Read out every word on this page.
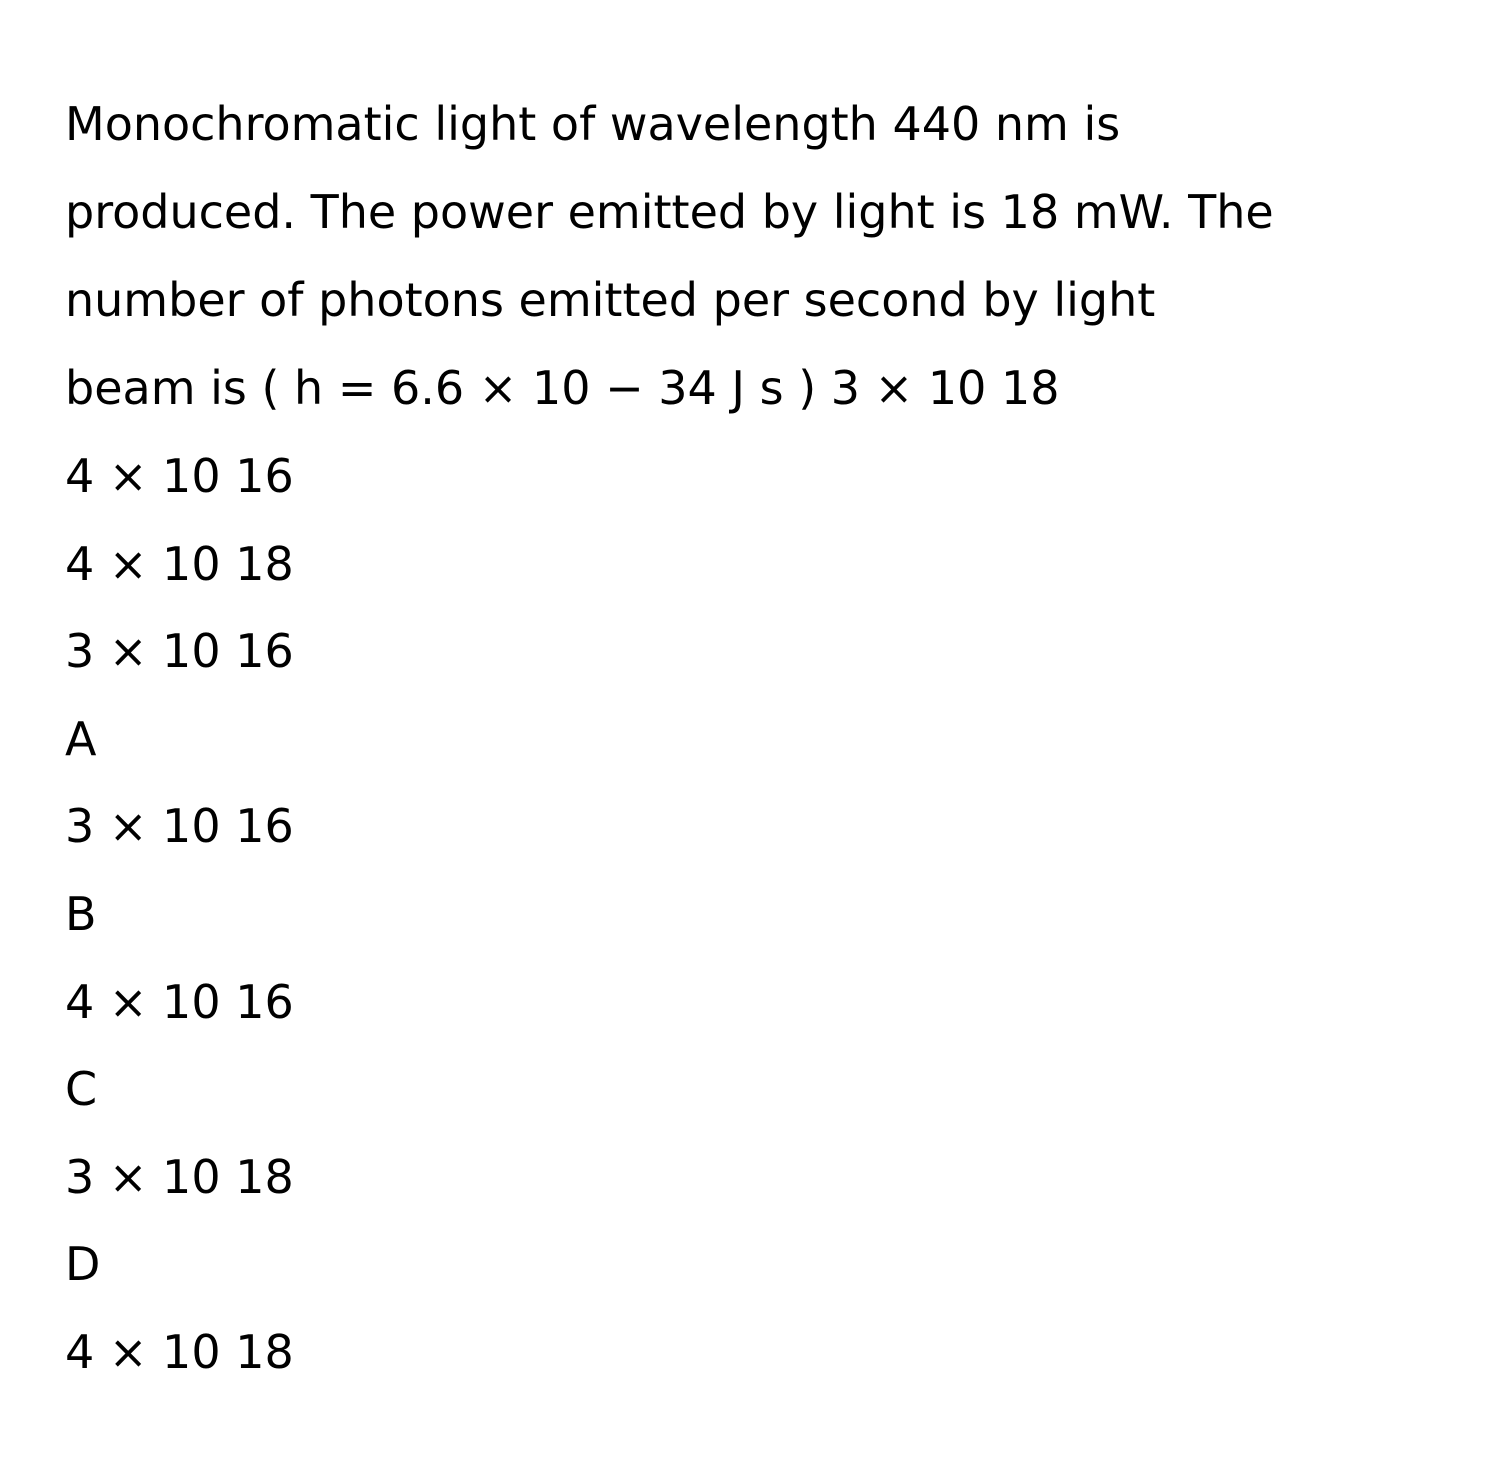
Monochromatic light of wavelength 440 nm is
produced. The power emitted by light is 18 mW. The
number of photons emitted per second by light
beam is ( h = 6.6 × 10 − 34 J s ) 3 × 10 18

4 × 10 16
4 × 10 18
3 × 10 16
A
3 × 10 16
B
4 × 10 16
C
3 × 10 18
D
4 × 10 18
